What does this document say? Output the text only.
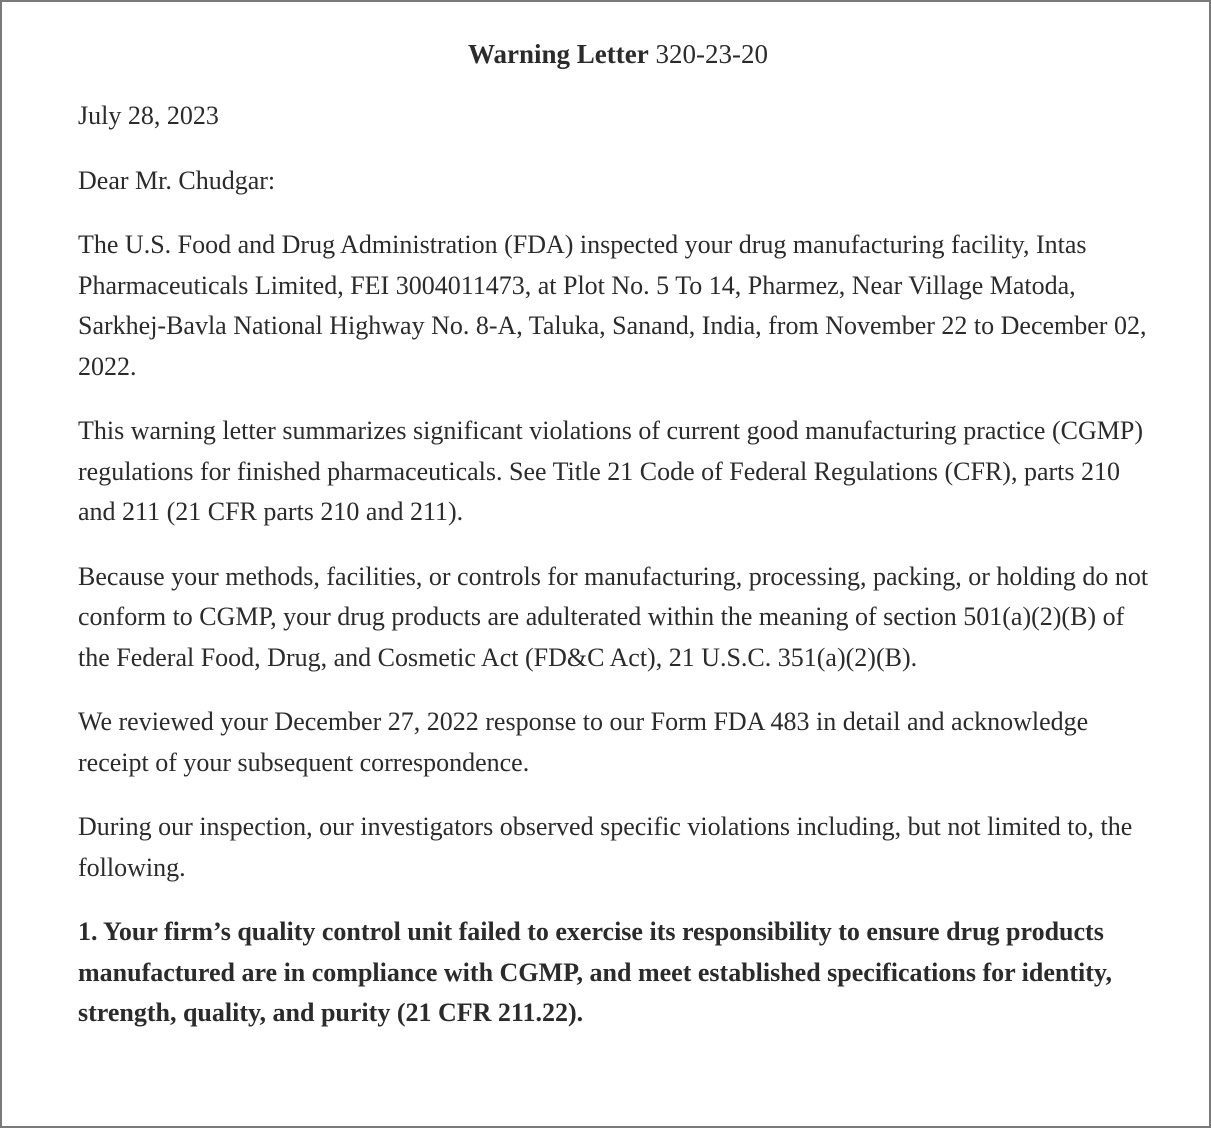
Warning Letter 320-23-20

July 28, 2023

Dear Mr. Chudgar:

The U.S. Food and Drug Administration (FDA) inspected your drug manufacturing facility, Intas Pharmaceuticals Limited, FEI 3004011473, at Plot No. 5 To 14, Pharmez, Near Village Matoda, Sarkhej-Bavla National Highway No. 8-A, Taluka, Sanand, India, from November 22 to December 02, 2022.

This warning letter summarizes significant violations of current good manufacturing practice (CGMP) regulations for finished pharmaceuticals. See Title 21 Code of Federal Regulations (CFR), parts 210 and 211 (21 CFR parts 210 and 211).

Because your methods, facilities, or controls for manufacturing, processing, packing, or holding do not conform to CGMP, your drug products are adulterated within the meaning of section 501(a)(2)(B) of the Federal Food, Drug, and Cosmetic Act (FD&C Act), 21 U.S.C. 351(a)(2)(B).

We reviewed your December 27, 2022 response to our Form FDA 483 in detail and acknowledge receipt of your subsequent correspondence.

During our inspection, our investigators observed specific violations including, but not limited to, the following.

1. Your firm’s quality control unit failed to exercise its responsibility to ensure drug products manufactured are in compliance with CGMP, and meet established specifications for identity, strength, quality, and purity (21 CFR 211.22).
